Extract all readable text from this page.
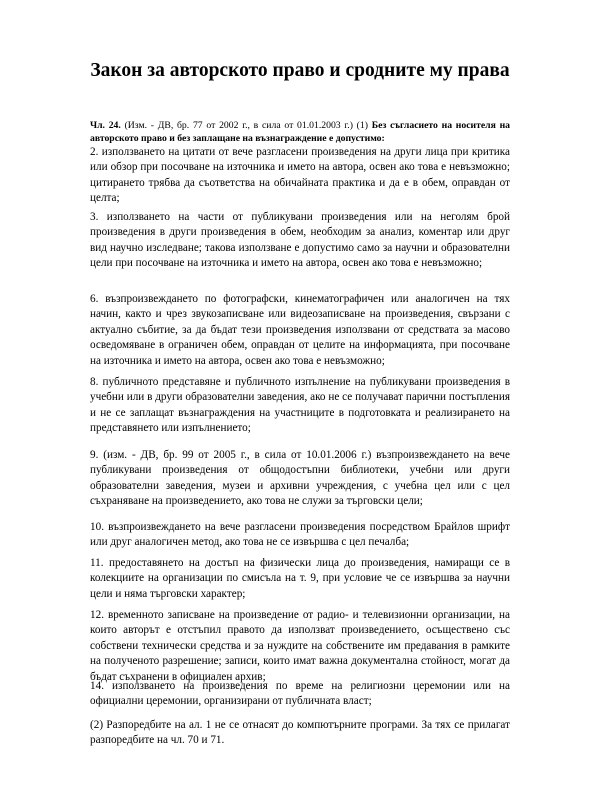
Закон за авторското право и сродните му права

Чл. 24. (Изм. - ДВ, бр. 77 от 2002 г., в сила от 01.01.2003 г.) (1) Без съгласието на носителя на авторското право и без заплащане на възнаграждение е допустимо:

2. използването на цитати от вече разгласени произведения на други лица при критика или обзор при посочване на източника и името на автора, освен ако това е невъзможно; цитирането трябва да съответства на обичайната практика и да е в обем, оправдан от целта;

3. използването на части от публикувани произведения или на неголям брой произведения в други произведения в обем, необходим за анализ, коментар или друг вид научно изследване; такова използване е допустимо само за научни и образователни цели при посочване на източника и името на автора, освен ако това е невъзможно;

6. възпроизвеждането по фотографски, кинематографичен или аналогичен на тях начин, както и чрез звукозаписване или видеозаписване на произведения, свързани с актуално събитие, за да бъдат тези произведения използвани от средствата за масово осведомяване в ограничен обем, оправдан от целите на информацията, при посочване на източника и името на автора, освен ако това е невъзможно;

8. публичното представяне и публичното изпълнение на публикувани произведения в учебни или в други образователни заведения, ако не се получават парични постъпления и не се заплащат възнаграждения на участниците в подготовката и реализирането на представянето или изпълнението;

9. (изм. - ДВ, бр. 99 от 2005 г., в сила от 10.01.2006 г.) възпроизвеждането на вече публикувани произведения от общодостъпни библиотеки, учебни или други образователни заведения, музеи и архивни учреждения, с учебна цел или с цел съхраняване на произведението, ако това не служи за търговски цели;

10. възпроизвеждането на вече разгласени произведения посредством Брайлов шрифт или друг аналогичен метод, ако това не се извършва с цел печалба;

11. предоставянето на достъп на физически лица до произведения, намиращи се в колекциите на организации по смисъла на т. 9, при условие че се извършва за научни цели и няма търговски характер;

12. временното записване на произведение от радио- и телевизионни организации, на които авторът е отстъпил правото да използват произведението, осъществено със собствени технически средства и за нуждите на собствените им предавания в рамките на полученото разрешение; записи, които имат важна документална стойност, могат да бъдат съхранени в официален архив;

14. използването на произведения по време на религиозни церемонии или на официални церемонии, организирани от публичната власт;

(2) Разпоредбите на ал. 1 не се отнасят до компютърните програми. За тях се прилагат разпоредбите на чл. 70 и 71.
